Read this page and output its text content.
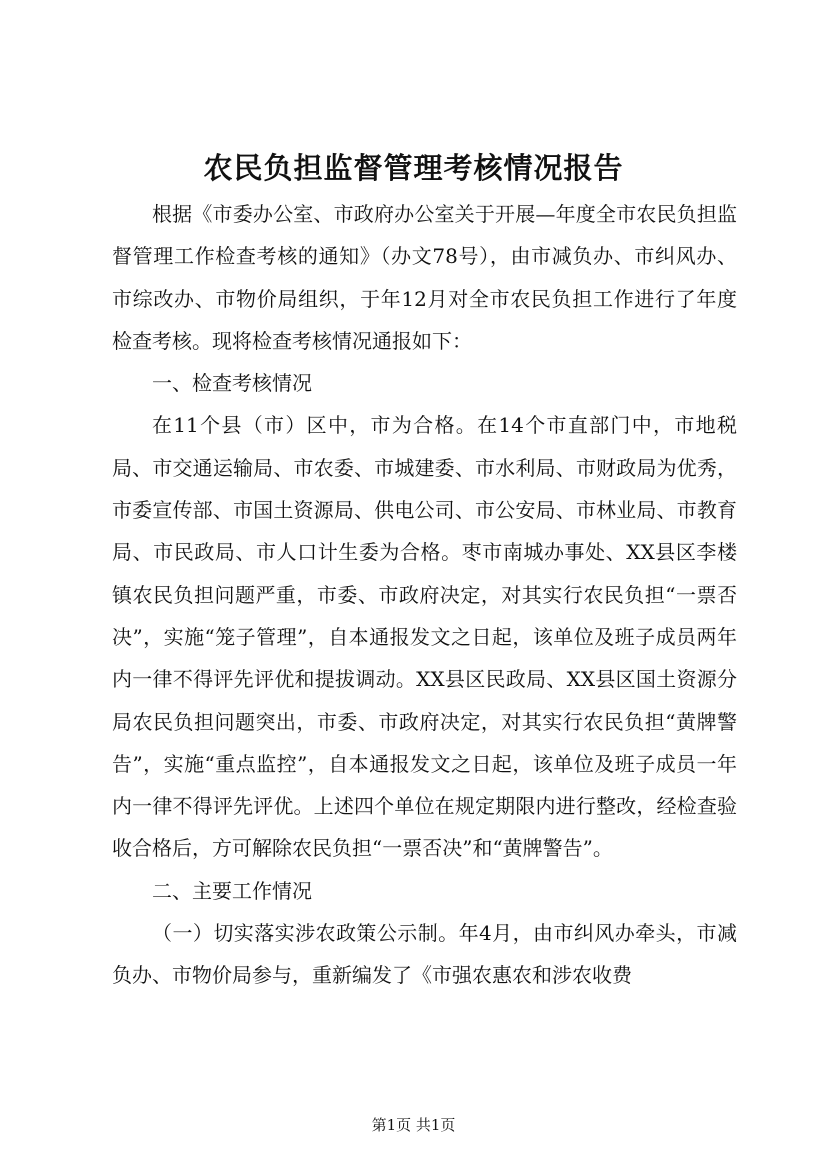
农民负担监督管理考核情况报告

根据《市委办公室、市政府办公室关于开展—年度全市农民负担监督管理工作检查考核的通知》（办文78号），由市减负办、市纠风办、市综改办、市物价局组织，于年12月对全市农民负担工作进行了年度检查考核。现将检查考核情况通报如下：

一、检查考核情况

在11个县（市）区中，市为合格。在14个市直部门中，市地税局、市交通运输局、市农委、市城建委、市水利局、市财政局为优秀，市委宣传部、市国土资源局、供电公司、市公安局、市林业局、市教育局、市民政局、市人口计生委为合格。枣市南城办事处、XX县区李楼镇农民负担问题严重，市委、市政府决定，对其实行农民负担“一票否决”，实施“笼子管理”，自本通报发文之日起，该单位及班子成员两年内一律不得评先评优和提拔调动。XX县区民政局、XX县区国土资源分局农民负担问题突出，市委、市政府决定，对其实行农民负担“黄牌警告”，实施“重点监控”，自本通报发文之日起，该单位及班子成员一年内一律不得评先评优。上述四个单位在规定期限内进行整改，经检查验收合格后，方可解除农民负担“一票否决”和“黄牌警告”。

二、主要工作情况

（一）切实落实涉农政策公示制。年4月，由市纠风办牵头，市减负办、市物价局参与，重新编发了《市强农惠农和涉农收费

第1页 共1页
